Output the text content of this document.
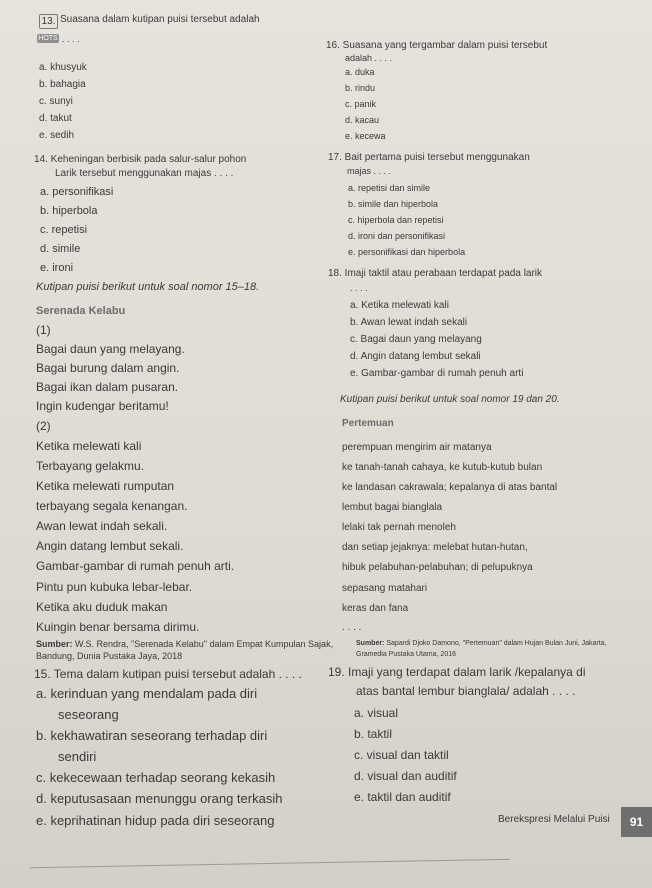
13. Suasana dalam kutipan puisi tersebut adalah
HOTS . . . .
a. khusyuk
b. bahagia
c. sunyi
d. takut
e. sedih
14. Keheningan berbisik pada salur-salur pohon
Larik tersebut menggunakan majas . . . .
a. personifikasi
b. hiperbola
c. repetisi
d. simile
e. ironi
Kutipan puisi berikut untuk soal nomor 15–18.
Serenada Kelabu
(1)
Bagai daun yang melayang.
Bagai burung dalam angin.
Bagai ikan dalam pusaran.
Ingin kudengar beritamu!
(2)
Ketika melewati kali
Terbayang gelakmu.
Ketika melewati rumputan
terbayang segala kenangan.
Awan lewat indah sekali.
Angin datang lembut sekali.
Gambar-gambar di rumah penuh arti.
Pintu pun kubuka lebar-lebar.
Ketika aku duduk makan
Kuingin benar bersama dirimu.
Sumber: W.S. Rendra, "Serenada Kelabu" dalam Empat Kumpulan Sajak,
Bandung, Dunia Pustaka Jaya, 2018
15. Tema dalam kutipan puisi tersebut adalah . . . .
a. kerinduan yang mendalam pada diri
seseorang
b. kekhawatiran seseorang terhadap diri
sendiri
c. kekecewaan terhadap seorang kekasih
d. keputusasaan menunggu orang terkasih
e. keprihatinan hidup pada diri seseorang
16. Suasana yang tergambar dalam puisi tersebut
adalah . . . .
a. duka
b. rindu
c. panik
d. kacau
e. kecewa
17. Bait pertama puisi tersebut menggunakan
majas . . . .
a. repetisi dan simile
b. simile dan hiperbola
c. hiperbola dan repetisi
d. ironi dan personifikasi
e. personifikasi dan hiperbola
18. Imaji taktil atau perabaan terdapat pada larik
. . . .
a. Ketika melewati kali
b. Awan lewat indah sekali
c. Bagai daun yang melayang
d. Angin datang lembut sekali
e. Gambar-gambar di rumah penuh arti
Kutipan puisi berikut untuk soal nomor 19 dan 20.
Pertemuan
perempuan mengirim air matanya
ke tanah-tanah cahaya, ke kutub-kutub bulan
ke landasan cakrawala; kepalanya di atas bantal
lembut bagai bianglala
lelaki tak pernah menoleh
dan setiap jejaknya: melebat hutan-hutan,
hibuk pelabuhan-pelabuhan; di pelupuknya
sepasang matahari
keras dan fana
. . . .
Sumber: Sapardi Djoko Damono, "Pertemuan" dalam Hujan Bulan Juni, Jakarta,
Gramedia Pustaka Utama, 2016
19. Imaji yang terdapat dalam larik /kepalanya di
atas bantal lembur bianglala/ adalah . . . .
a. visual
b. taktil
c. visual dan taktil
d. visual dan auditif
e. taktil dan auditif
Berekspresi Melalui Puisi	91
